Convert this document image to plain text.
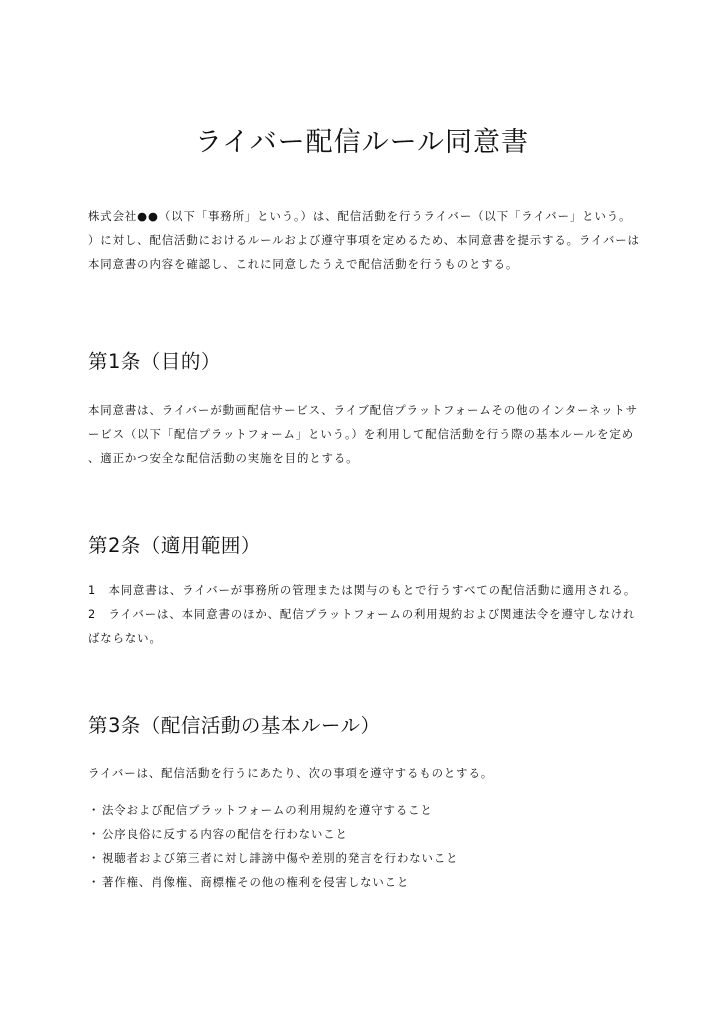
ライバー配信ルール同意書
株式会社●●（以下「事務所」という。）は、配信活動を行うライバー（以下「ライバー」という。
）に対し、配信活動におけるルールおよび遵守事項を定めるため、本同意書を提示する。ライバーは
本同意書の内容を確認し、これに同意したうえで配信活動を行うものとする。
第1条（目的）
本同意書は、ライバーが動画配信サービス、ライブ配信プラットフォームその他のインターネットサ
ービス（以下「配信プラットフォーム」という。）を利用して配信活動を行う際の基本ルールを定め
、適正かつ安全な配信活動の実施を目的とする。
第2条（適用範囲）
1　本同意書は、ライバーが事務所の管理または関与のもとで行うすべての配信活動に適用される。
2　ライバーは、本同意書のほか、配信プラットフォームの利用規約および関連法令を遵守しなけれ
ばならない。
第3条（配信活動の基本ルール）
ライバーは、配信活動を行うにあたり、次の事項を遵守するものとする。
・ 法令および配信プラットフォームの利用規約を遵守すること
・ 公序良俗に反する内容の配信を行わないこと
・ 視聴者および第三者に対し誹謗中傷や差別的発言を行わないこと
・ 著作権、肖像権、商標権その他の権利を侵害しないこと
